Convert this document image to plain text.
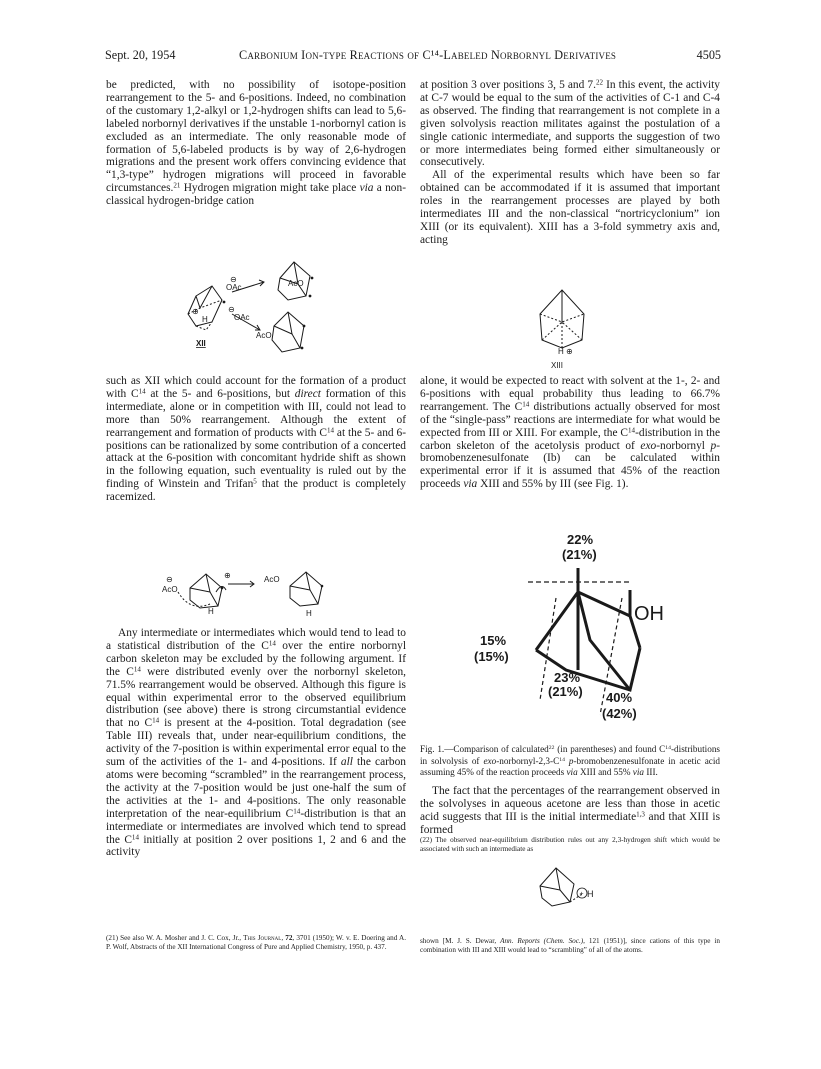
Sept. 20, 1954	Carbonium Ion-type Reactions of C¹⁴-Labeled Norbornyl Derivatives	4505

be predicted, with no possibility of isotope-position rearrangement to the 5- and 6-positions. Indeed, no combination of the customary 1,2-alkyl or 1,2-hydrogen shifts can lead to 5,6-labeled norbornyl derivatives if the unstable 1-norbornyl cation is excluded as an intermediate. The only reasonable mode of formation of 5,6-labeled products is by way of 2,6-hydrogen migrations and the present work offers convincing evidence that “1,3-type” hydrogen migrations will proceed in favorable circumstances.$^{21}$ Hydrogen migration might take place via a non-classical hydrogen-bridge cation

⊖
OAc
⊖
OAc
AcO
AcO
⊕
H
XII

such as XII which could account for the formation of a product with $C^{14}$ at the 5- and 6-positions, but direct formation of this intermediate, alone or in competition with III, could not lead to more than 50% rearrangement. Although the extent of rearrangement and formation of products with $C^{14}$ at the 5- and 6-positions can be rationalized by some contribution of a concerted attack at the 6-position with concomitant hydride shift as shown in the following equation, such eventuality is ruled out by the finding of Winstein and Trifan$^5$ that the product is completely racemized.

⊖
AcO
⊕
H
AcO
H

Any intermediate or intermediates which would tend to lead to a statistical distribution of the $C^{14}$ over the entire norbornyl carbon skeleton may be excluded by the following argument. If the $C^{14}$ were distributed evenly over the norbornyl skeleton, 71.5% rearrangement would be observed. Although this figure is equal within experimental error to the observed equilibrium distribution (see above) there is strong circumstantial evidence that no $C^{14}$ is present at the 4-position. Total degradation (see Table III) reveals that, under near-equilibrium conditions, the activity of the 7-position is within experimental error equal to the sum of the activities of the 1- and 4-positions. If all the carbon atoms were becoming “scrambled” in the rearrangement process, the activity at the 7-position would be just one-half the sum of the activities at the 1- and 4-positions. The only reasonable interpretation of the near-equilibrium $C^{14}$-distribution is that an intermediate or intermediates are involved which tend to spread the $C^{14}$ initially at position 2 over positions 1, 2 and 6 and the activity

(21) See also W. A. Mosher and J. C. Cox, Jr., This Journal, 72, 3701 (1950); W. v. E. Doering and A. P. Wolf, Abstracts of the XII International Congress of Pure and Applied Chemistry, 1950, p. 437.

at position 3 over positions 3, 5 and 7.22 In this event, the activity at C-7 would be equal to the sum of the activities of C-1 and C-4 as observed. The finding that rearrangement is not complete in a given solvolysis reaction militates against the postulation of a single cationic intermediate, and supports the suggestion of two or more intermediates being formed either simultaneously or consecutively.

All of the experimental results which have been so far obtained can be accommodated if it is assumed that important roles in the rearrangement processes are played by both intermediates III and the non-classical “nortricyclonium” ion XIII (or its equivalent). XIII has a 3-fold symmetry axis and, acting

H ⊕
XIII

alone, it would be expected to react with solvent at the 1-, 2- and 6-positions with equal probability thus leading to 66.7% rearrangement. The $C^{14}$ distributions actually observed for most of the “single-pass” reactions are intermediate for what would be expected from III or XIII. For example, the $C^{14}$-distribution in the carbon skeleton of the acetolysis product of exo-norbornyl p-bromobenzenesulfonate (Ib) can be calculated within experimental error if it is assumed that 45% of the reaction proceeds via XIII and 55% by III (see Fig. 1).

22%
(21%)
15%
(15%)
23%
(21%) 40%
(42%)
OH
Fig. 1.—Comparison of calculated$^{22}$ (in parentheses) and found $C^{14}$-distributions in solvolysis of exo-$norbornyl-2,3-C^{14}$ p-bromobenzenesulfonate in acetic acid assuming 45% of the reaction proceeds via XIII and 55% via III.

The fact that the percentages of the rearrangement observed in the solvolyses in aqueous acetone are less than those in acetic acid suggests that III is the initial intermediate$^{1,3}$ and that XIII is formed

(22) The observed near-equilibrium distribution rules out any 2,3-hydrogen shift which would be associated with such an intermediate as
+ H
shown [M. J. S. Dewar, Ann. Reports (Chem. Soc.), 121 (1951)], since cations of this type in combination with III and XIII would lead to “scrambling” of all of the atoms.
